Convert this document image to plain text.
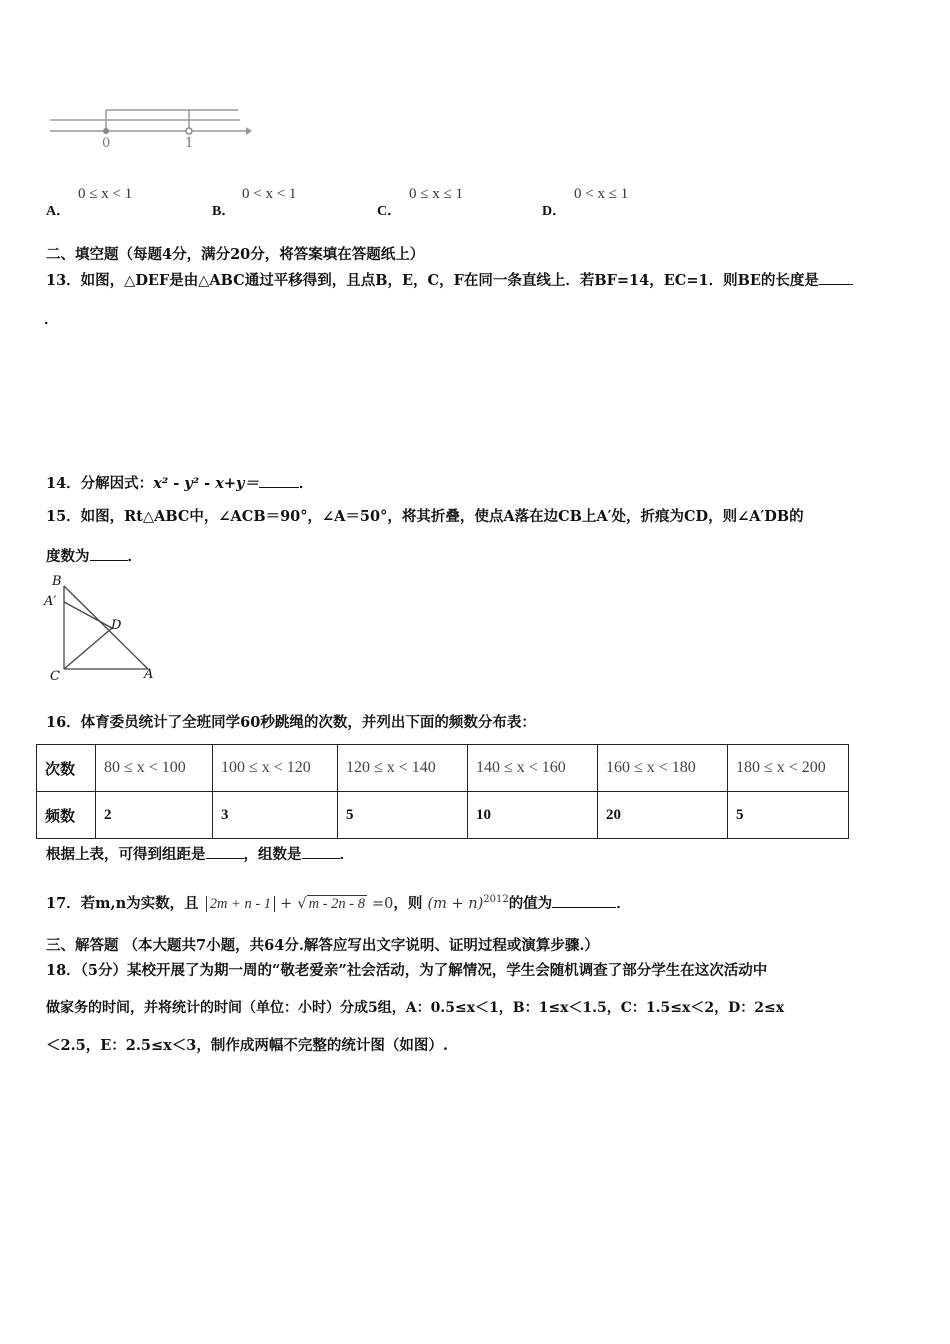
0	1
A．
0 ≤ x < 1
B．
0 < x < 1
C．
0 ≤ x ≤ 1
D．
0 < x ≤ 1
二、填空题（每题4分，满分20分，将答案填在答题纸上）
13．如图，△DEF是由△ABC通过平移得到，且点B，E，C，F在同一条直线上．若BF=14，EC=1．则BE的长度是
．
14．分解因式：x² - y² - x+y＝	．
15．如图，Rt△ABC中，∠ACB＝90°，∠A＝50°，将其折叠，使点A落在边CB上A′处，折痕为CD，则∠A′DB的
度数为	．
B
A′
D
C	A
16．体育委员统计了全班同学60秒跳绳的次数，并列出下面的频数分布表：
次数	80 ≤ x < 100	100 ≤ x < 120	120 ≤ x < 140	140 ≤ x < 160	160 ≤ x < 180	180 ≤ x < 200
频数	2	3	5	10	20	5
根据上表，可得到组距是	，组数是	．
17．若m,n为实数，且 2m + n - 1 + √ m - 2n - 8 =0，则 $(m + n)^{2012}$的值为	．
三、解答题 （本大题共7小题，共64分.解答应写出文字说明、证明过程或演算步骤.）
18．（5分）某校开展了为期一周的“敬老爱亲”社会活动，为了解情况，学生会随机调查了部分学生在这次活动中
做家务的时间，并将统计的时间（单位：小时）分成5组，A：0.5≤x＜1，B：1≤x＜1.5，C：1.5≤x＜2，D：2≤x
＜2.5，E：2.5≤x＜3，制作成两幅不完整的统计图（如图）.
